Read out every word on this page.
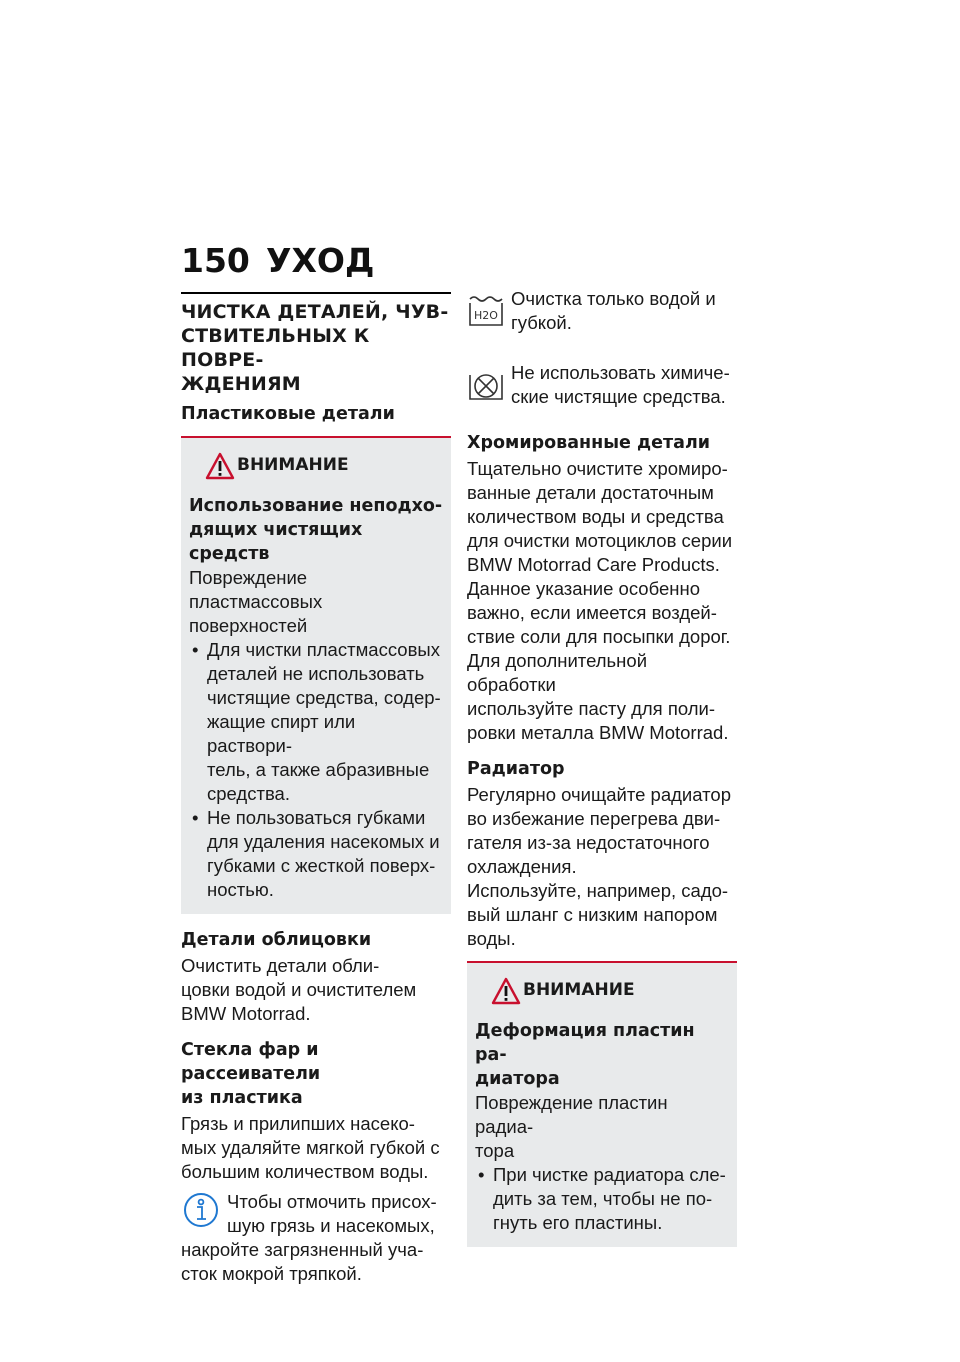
150 УХОД
ЧИСТКА ДЕТАЛЕЙ, ЧУВ-
СТВИТЕЛЬНЫХ К ПОВРЕ-
ЖДЕНИЯМ
Пластиковые детали
ВНИМАНИЕ
Использование неподхо-
дящих чистящих средств

Повреждение пластмассовых
поверхностей

• Для чистки пластмассовых
деталей не использовать
чистящие средства, содер-
жащие спирт или раствори-
тель, а также абразивные
средства.
• Не пользоваться губками
для удаления насекомых и
губками с жесткой поверх-
ностью.
Детали облицовки

Очистить детали обли-
цовки водой и очистителем
BMW Motorrad.

Стекла фар и рассеиватели
из пластика

Грязь и прилипших насеко-
мых удаляйте мягкой губкой с
большим количеством воды.

Чтобы отмочить присох-
шую грязь и насекомых,
накройте загрязненный уча-
сток мокрой тряпкой.

H2O

Очистка только водой и
губкой.

Не использовать химиче-
ские чистящие средства.

Хромированные детали

Тщательно очистите хромиро-
ванные детали достаточным
количеством воды и средства
для очистки мотоциклов серии
BMW Motorrad Care Products.
Данное указание особенно
важно, если имеется воздей-
ствие соли для посыпки дорог.
Для дополнительной обработки
используйте пасту для поли-
ровки металла BMW Motorrad.

Радиатор

Регулярно очищайте радиатор
во избежание перегрева дви-
гателя из-за недостаточного
охлаждения.
Используйте, например, садо-
вый шланг с низким напором
воды.

ВНИМАНИЕ
Деформация пластин ра-
диатора

Повреждение пластин радиа-
тора

• При чистке радиатора сле-
дить за тем, чтобы не по-
гнуть его пластины.
